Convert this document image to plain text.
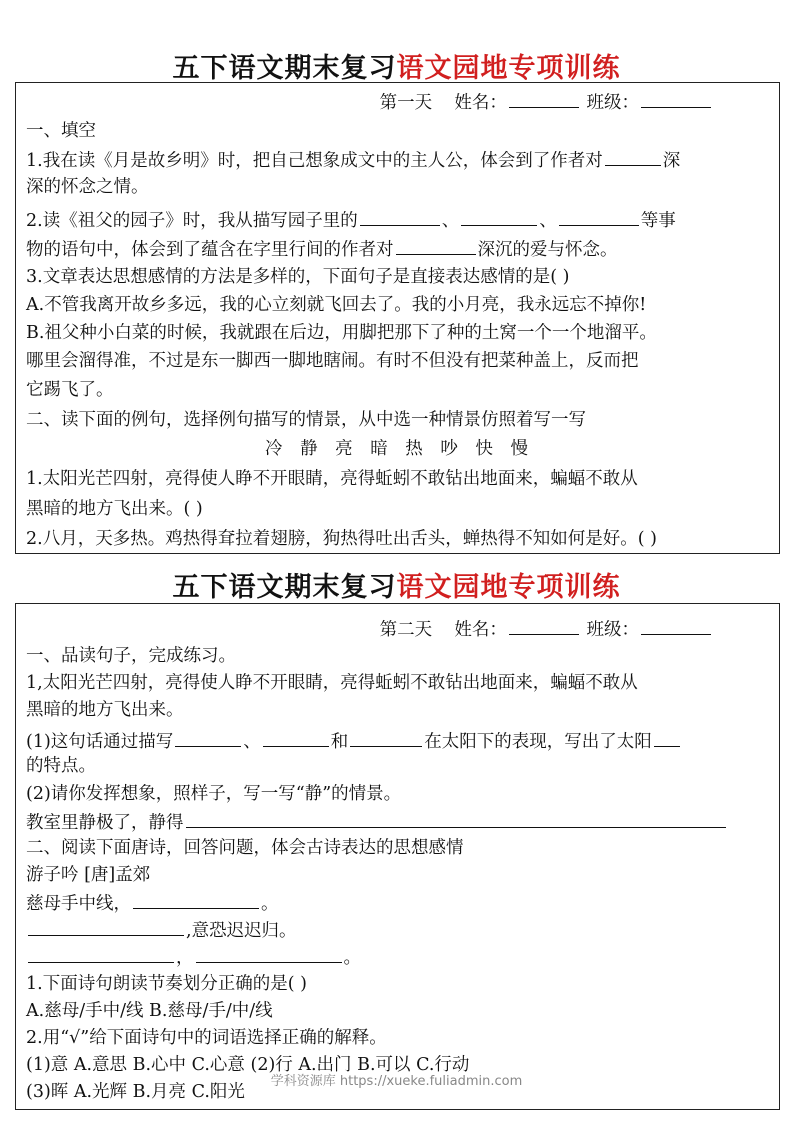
五下语文期末复习语文园地专项训练
第一天 姓名：	班级：
一、填空
1.我在读《月是故乡明》时，把自己想象成文中的主人公，体会到了作者对	深
深的怀念之情。
2.读《祖父的园子》时，我从描写园子里的	、	、	等事
物的语句中，体会到了蕴含在字里行间的作者对	深沉的爱与怀念。
3.文章表达思想感情的方法是多样的，下面句子是直接表达感情的是( )
A.不管我离开故乡多远，我的心立刻就飞回去了。我的小月亮，我永远忘不掉你!
B.祖父种小白菜的时候，我就跟在后边，用脚把那下了种的土窝一个一个地溜平。
哪里会溜得准，不过是东一脚西一脚地瞎闹。有时不但没有把菜种盖上，反而把
它踢飞了。
二、读下面的例句，选择例句描写的情景，从中选一种情景仿照着写一写
冷 静 亮 暗 热 吵 快 慢
1.太阳光芒四射，亮得使人睁不开眼睛，亮得蚯蚓不敢钻出地面来，蝙蝠不敢从
黑暗的地方飞出来。( )
2.八月，天多热。鸡热得耷拉着翅膀，狗热得吐出舌头，蝉热得不知如何是好。( )
五下语文期末复习语文园地专项训练
第二天 姓名：	班级：
一、品读句子，完成练习。
1,太阳光芒四射，亮得使人睁不开眼睛，亮得蚯蚓不敢钻出地面来，蝙蝠不敢从
黑暗的地方飞出来。
(1)这句话通过描写	、	和	在太阳下的表现，写出了太阳
的特点。
(2)请你发挥想象，照样子，写一写“静”的情景。
教室里静极了，静得
二、阅读下面唐诗，回答问题，体会古诗表达的思想感情
游子吟 [唐]孟郊
慈母手中线，	。
,意恐迟迟归。
，	。
1.下面诗句朗读节奏划分正确的是( )
A.慈母/手中/线 B.慈母/手/中/线
2.用“√”给下面诗句中的词语选择正确的解释。
(1)意 A.意思 B.心中 C.心意 (2)行 A.出门 B.可以 C.行动
(3)晖 A.光辉 B.月亮 C.阳光
学科资源库 https://xueke.fuliadmin.com
